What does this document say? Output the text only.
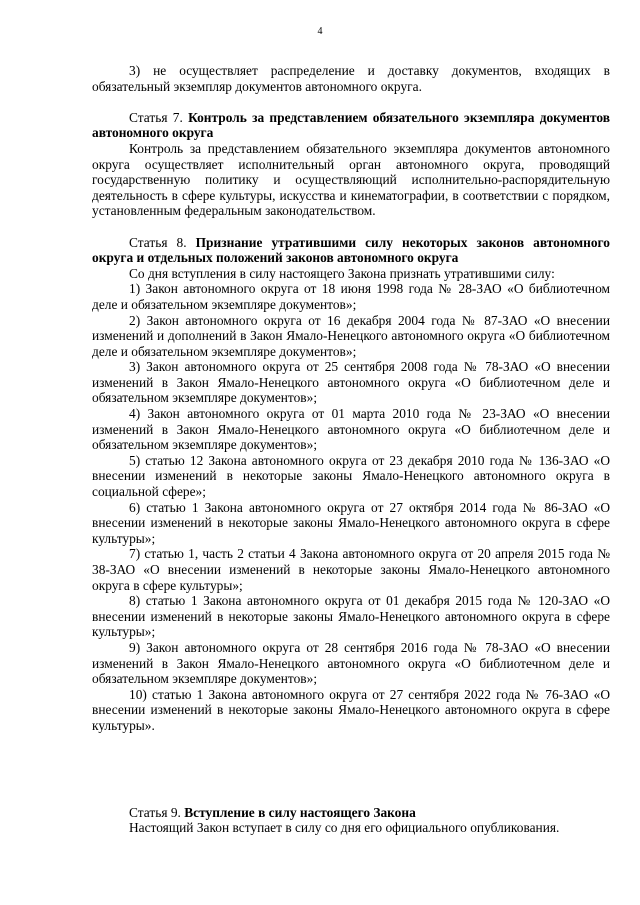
4

3) не осуществляет распределение и доставку документов, входящих в обязательный экземпляр документов автономного округа.

Статья 7. Контроль за представлением обязательного экземпляра документов автономного округа

Контроль за представлением обязательного экземпляра документов автономного округа осуществляет исполнительный орган автономного округа, проводящий государственную политику и осуществляющий исполнительно-распорядительную деятельность в сфере культуры, искусства и кинематографии, в соответствии с порядком, установленным федеральным законодательством.

Статья 8. Признание утратившими силу некоторых законов автономного округа и отдельных положений законов автономного округа

Со дня вступления в силу настоящего Закона признать утратившими силу:

1) Закон автономного округа от 18 июня 1998 года № 28-ЗАО «О библиотечном деле и обязательном экземпляре документов»;

2) Закон автономного округа от 16 декабря 2004 года № 87-ЗАО «О внесении изменений и дополнений в Закон Ямало-Ненецкого автономного округа «О библиотечном деле и обязательном экземпляре документов»;

3) Закон автономного округа от 25 сентября 2008 года № 78-ЗАО «О внесении изменений в Закон Ямало-Ненецкого автономного округа «О библиотечном деле и обязательном экземпляре документов»;

4) Закон автономного округа от 01 марта 2010 года № 23-ЗАО «О внесении изменений в Закон Ямало-Ненецкого автономного округа «О библиотечном деле и обязательном экземпляре документов»;

5) статью 12 Закона автономного округа от 23 декабря 2010 года № 136-ЗАО «О внесении изменений в некоторые законы Ямало-Ненецкого автономного округа в социальной сфере»;

6) статью 1 Закона автономного округа от 27 октября 2014 года № 86-ЗАО «О внесении изменений в некоторые законы Ямало-Ненецкого автономного округа в сфере культуры»;

7) статью 1, часть 2 статьи 4 Закона автономного округа от 20 апреля 2015 года № 38-ЗАО «О внесении изменений в некоторые законы Ямало-Ненецкого автономного округа в сфере культуры»;

8) статью 1 Закона автономного округа от 01 декабря 2015 года № 120-ЗАО «О внесении изменений в некоторые законы Ямало-Ненецкого автономного округа в сфере культуры»;

9) Закон автономного округа от 28 сентября 2016 года № 78-ЗАО «О внесении изменений в Закон Ямало-Ненецкого автономного округа «О библиотечном деле и обязательном экземпляре документов»;

10) статью 1 Закона автономного округа от 27 сентября 2022 года № 76-ЗАО «О внесении изменений в некоторые законы Ямало-Ненецкого автономного округа в сфере культуры».

Статья 9. Вступление в силу настоящего Закона

Настоящий Закон вступает в силу со дня его официального опубликования.
